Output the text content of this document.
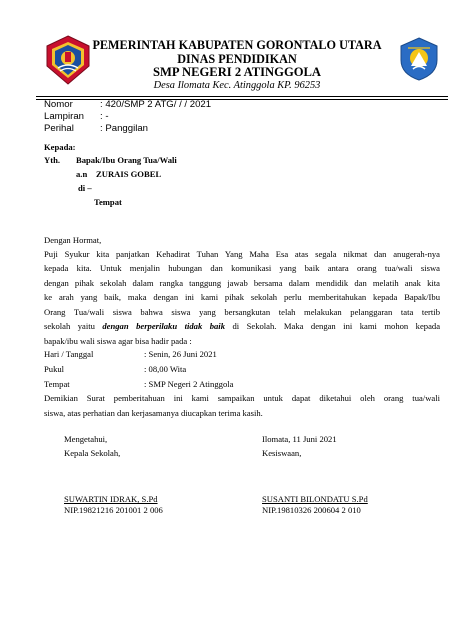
PEMERINTAH KABUPATEN GORONTALO UTARA
DINAS PENDIDIKAN
SMP NEGERI 2 ATINGGOLA
Desa Ilomata Kec. Atinggola KP. 96253
Nomor	: 420/SMP 2 ATG/ / / 2021
Lampiran : -
Perihal	: Panggilan
Kepada:
Yth. Bapak/Ibu Orang Tua/Wali
a.n ZURAIS GOBEL
di –
Tempat
Dengan Hormat,
Puji Syukur kita panjatkan Kehadirat Tuhan Yang Maha Esa atas segala nikmat dan anugerah-nya
kepada kita. Untuk menjalin hubungan dan komunikasi yang baik antara orang tua/wali siswa
dengan pihak sekolah dalam rangka tanggung jawab bersama dalam mendidik dan melatih anak kita
ke arah yang baik, maka dengan ini kami pihak sekolah perlu memberitahukan kepada Bapak/Ibu
Orang Tua/wali siswa bahwa siswa yang bersangkutan telah melakukan pelanggaran tata tertib
sekolah yaitu dengan berperilaku tidak baik di Sekolah. Maka dengan ini kami mohon kepada
bapak/ibu wali siswa agar bisa hadir pada :
Hari / Tanggal	: Senin, 26 Juni 2021
Pukul	: 08,00 Wita
Tempat	: SMP Negeri 2 Atinggola
Demikian Surat pemberitahuan ini kami sampaikan untuk dapat diketahui oleh orang tua/wali
siswa, atas perhatian dan kerjasamanya diucapkan terima kasih.
Mengetahui,
Kepala Sekolah,
Ilomata, 11 Juni 2021
Kesiswaan,
SUWARTIN IDRAK, S.Pd
NIP.19821216 201001 2 006
SUSANTI BILONDATU S.Pd
NIP.19810326 200604 2 010
